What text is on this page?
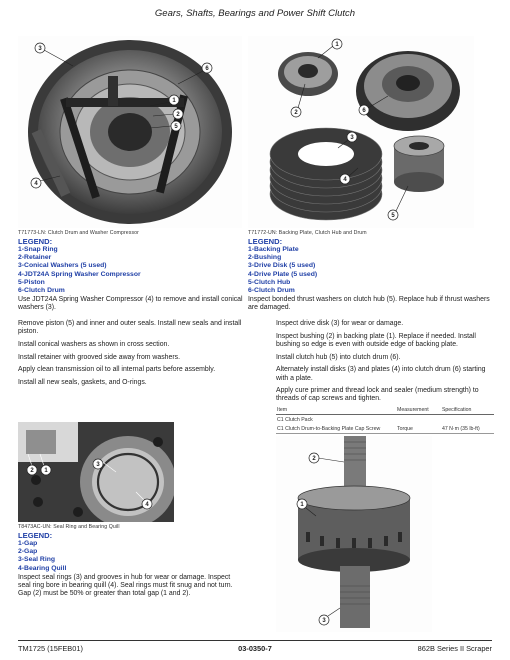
Gears, Shafts, Bearings and Power Shift Clutch
3
6
1
2
5
4
T71773-LN: Clutch Drum and Washer Compressor
LEGEND:
1-Snap Ring
2-Retainer
3-Conical Washers (5 used)
4-JDT24A Spring Washer Compressor
5-Piston
6-Clutch Drum
Use JDT24A Spring Washer Compressor (4) to remove and install conical washers (3).

Remove piston (5) and inner and outer seals. Install new seals and install piston.

Install conical washers as shown in cross section.

Install retainer with grooved side away from washers.

Apply clean transmission oil to all internal parts before assembly.

Install all new seals, gaskets, and O-rings.

1
2	6
3
4
5
T71772-UN: Backing Plate, Clutch Hub and Drum
LEGEND:
1-Backing Plate
2-Bushing
3-Drive Disk (5 used)
4-Drive Plate (5 used)
5-Clutch Hub
6-Clutch Drum
Inspect bonded thrust washers on clutch hub (5). Replace hub if thrust washers are damaged.

Inspect drive disk (3) for wear or damage.

Inspect bushing (2) in backing plate (1). Replace if needed. Install bushing so edge is even with outside edge of backing plate.

Install clutch hub (5) into clutch drum (6).

Alternately install disks (3) and plates (4) into clutch drum (6) starting with a plate.

Apply cure primer and thread lock and sealer (medium strength) to threads of cap screws and tighten.

Item	Measurement	Specification
C1 Clutch Pack		
C1 Clutch Drum-to-Backing Plate Cap Screw	Torque	47 N·m (35 lb-ft)
2 1
3
4
T8473AC-UN: Seal Ring and Bearing Quill
LEGEND:
1-Gap
2-Gap
3-Seal Ring
4-Bearing Quill
Inspect seal rings (3) and grooves in hub for wear or damage. Inspect seal ring bore in bearing quill (4). Seal rings must fit snug and not turn. Gap (2) must be 50% or greater than total gap (1 and 2).
2
1
3
TM1725 (15FEB01)	03-0350-7	862B Series II Scraper
